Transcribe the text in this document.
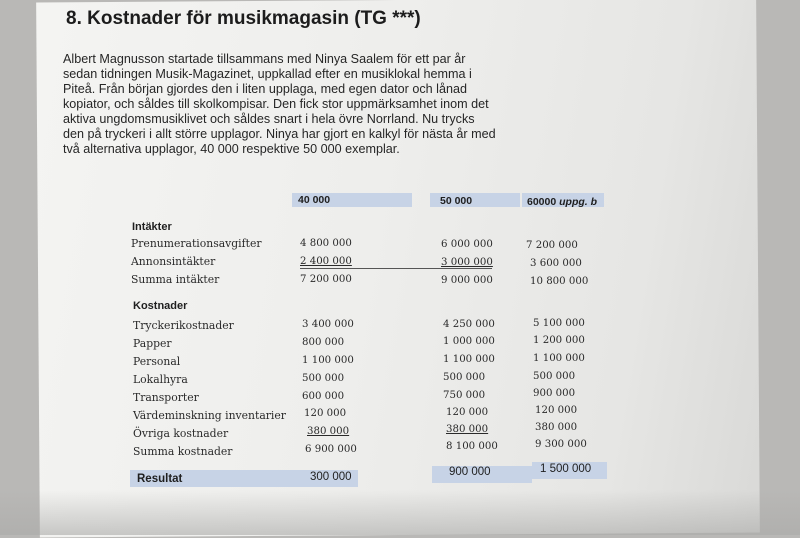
8. Kostnader för musikmagasin (TG ***)
Albert Magnusson startade tillsammans med Ninya Saalem för ett par år
sedan tidningen Musik-Magazinet, uppkallad efter en musiklokal hemma i
Piteå. Från början gjordes den i liten upplaga, med egen dator och lånad
kopiator, och såldes till skolkompisar. Den fick stor uppmärksamhet inom det
aktiva ungdomsmusiklivet och såldes snart i hela övre Norrland. Nu trycks
den på tryckeri i allt större upplagor. Ninya har gjort en kalkyl för nästa år med
två alternativa upplagor, 40 000 respektive 50 000 exemplar.
40 000	50 000	60000 uppg. b
Intäkter
Prenumerationsavgifter	4 800 000	6 000 000	7 200 000
Annonsintäkter	2 400 000	3 000 000	3 600 000
Summa intäkter	7 200 000	9 000 000	10 800 000
Kostnader
Tryckerikostnader	3 400 000	4 250 000	5 100 000
Papper	800 000	1 000 000	1 200 000
Personal	1 100 000	1 100 000	1 100 000
Lokalhyra	500 000	500 000	500 000
Transporter	600 000	750 000	900 000
Värdeminskning inventarier 120 000	120 000	120 000
Övriga kostnader	380 000	380 000	380 000
Summa kostnader	6 900 000	8 100 000	9 300 000
Resultat	300 000	900 000	1 500 000
